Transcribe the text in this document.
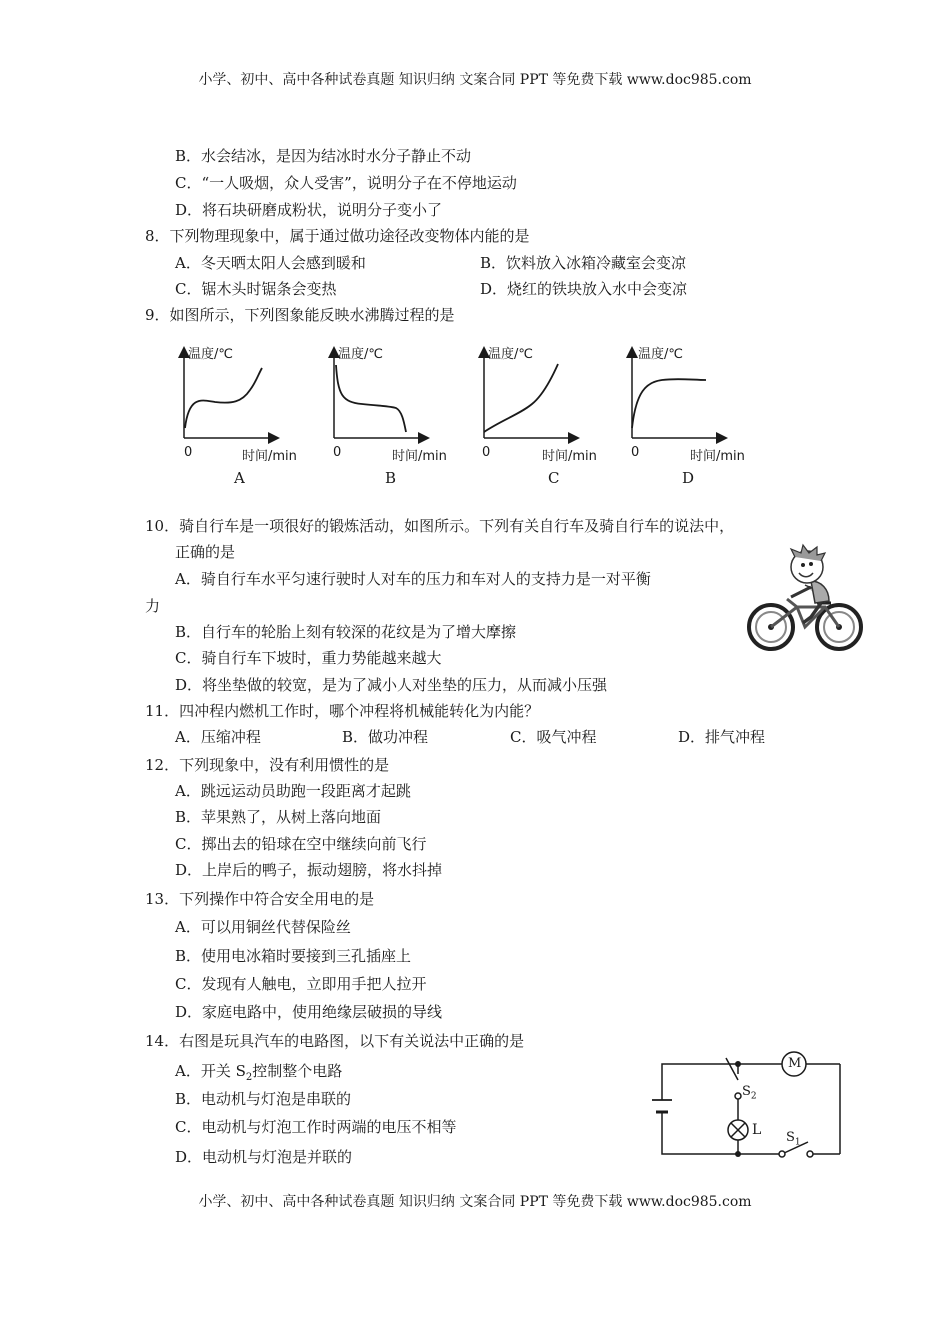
小学、初中、高中各种试卷真题 知识归纳 文案合同 PPT 等免费下载 www.doc985.com
B．水会结冰，是因为结冰时水分子静止不动
C．“一人吸烟，众人受害”，说明分子在不停地运动
D．将石块研磨成粉状，说明分子变小了
8．下列物理现象中，属于通过做功途径改变物体内能的是
A．冬天晒太阳人会感到暖和	B．饮料放入冰箱冷藏室会变凉
C．锯木头时锯条会变热	D．烧红的铁块放入水中会变凉
9．如图所示，下列图象能反映水沸腾过程的是
温度/℃
0	时间/min
A
温度/℃
0	时间/min
B
温度/℃
0	时间/min
C
温度/℃
0	时间/min
D
10．骑自行车是一项很好的锻炼活动，如图所示。下列有关自行车及骑自行车的说法中，
正确的是
A．骑自行车水平匀速行驶时人对车的压力和车对人的支持力是一对平衡
力
B．自行车的轮胎上刻有较深的花纹是为了增大摩擦
C．骑自行车下坡时，重力势能越来越大
D．将坐垫做的较宽，是为了减小人对坐垫的压力，从而减小压强
11．四冲程内燃机工作时，哪个冲程将机械能转化为内能？
A．压缩冲程	B．做功冲程	C．吸气冲程	D．排气冲程
12．下列现象中，没有利用惯性的是
A．跳远运动员助跑一段距离才起跳
B．苹果熟了，从树上落向地面
C．掷出去的铅球在空中继续向前飞行
D．上岸后的鸭子，振动翅膀，将水抖掉
13．下列操作中符合安全用电的是
A．可以用铜丝代替保险丝
B．使用电冰箱时要接到三孔插座上
C．发现有人触电，立即用手把人拉开
D．家庭电路中，使用绝缘层破损的导线
14．右图是玩具汽车的电路图，以下有关说法中正确的是
A．开关 $S_2$控制整个电路
B．电动机与灯泡是串联的
C．电动机与灯泡工作时两端的电压不相等
D．电动机与灯泡是并联的
M
L
$S_2$
$S_1$
小学、初中、高中各种试卷真题 知识归纳 文案合同 PPT 等免费下载 www.doc985.com
